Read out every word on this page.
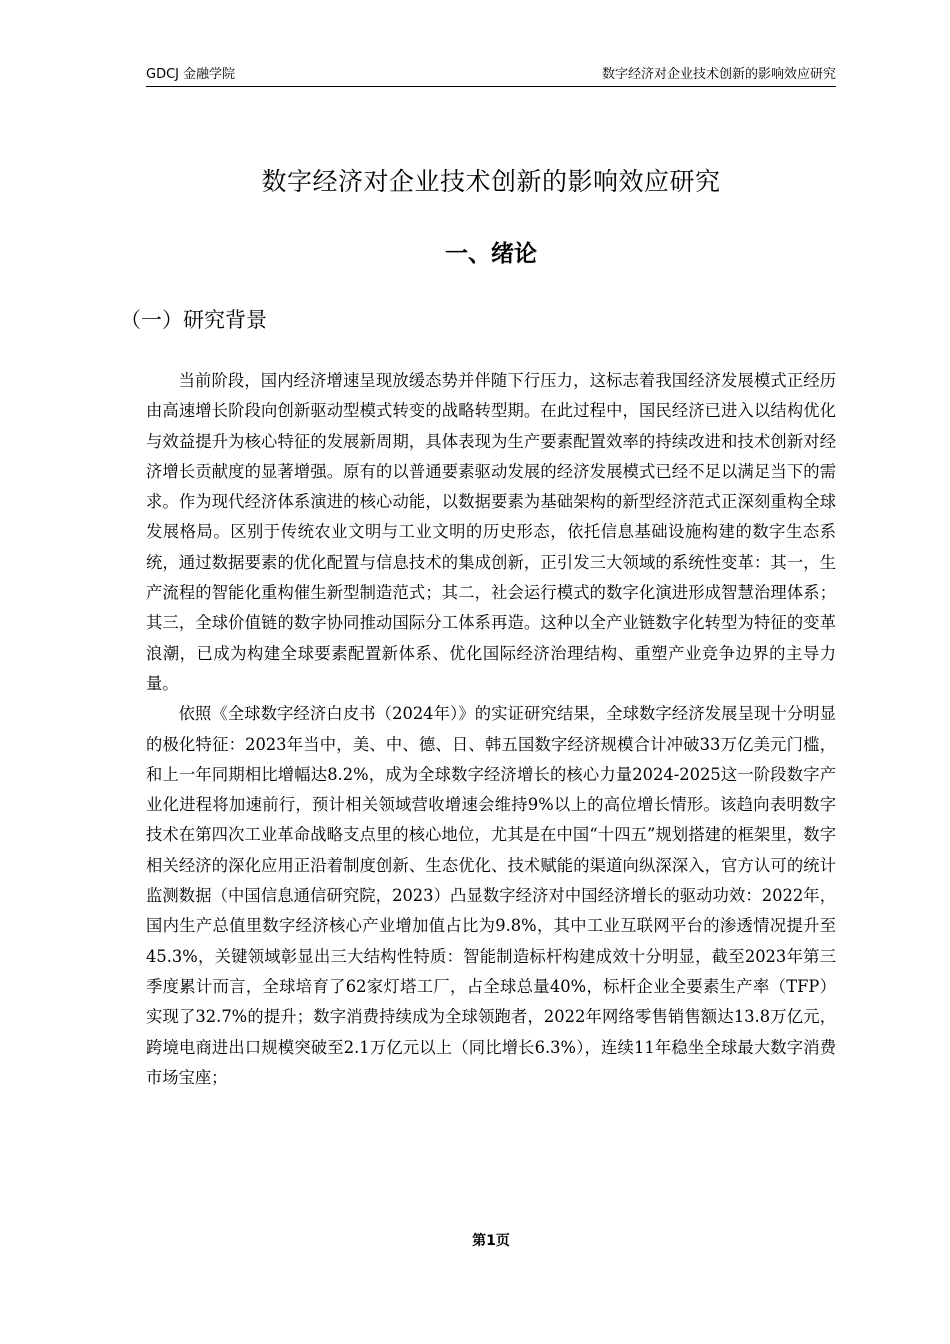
GDCJ 金融学院	数字经济对企业技术创新的影响效应研究
数字经济对企业技术创新的影响效应研究
一、绪论
（一）研究背景

当前阶段，国内经济增速呈现放缓态势并伴随下行压力，这标志着我国经济发展模式正经历由高速增长阶段向创新驱动型模式转变的战略转型期。在此过程中，国民经济已进入以结构优化与效益提升为核心特征的发展新周期，具体表现为生产要素配置效率的持续改进和技术创新对经济增长贡献度的显著增强。原有的以普通要素驱动发展的经济发展模式已经不足以满足当下的需求。作为现代经济体系演进的核心动能，以数据要素为基础架构的新型经济范式正深刻重构全球发展格局。区别于传统农业文明与工业文明的历史形态，依托信息基础设施构建的数字生态系统，通过数据要素的优化配置与信息技术的集成创新，正引发三大领域的系统性变革：其一，生产流程的智能化重构催生新型制造范式；其二，社会运行模式的数字化演进形成智慧治理体系；其三，全球价值链的数字协同推动国际分工体系再造。这种以全产业链数字化转型为特征的变革浪潮，已成为构建全球要素配置新体系、优化国际经济治理结构、重塑产业竞争边界的主导力量。

依照《全球数字经济白皮书（2024年）》的实证研究结果，全球数字经济发展呈现十分明显的极化特征：2023年当中，美、中、德、日、韩五国数字经济规模合计冲破33万亿美元门槛，和上一年同期相比增幅达8.2%，成为全球数字经济增长的核心力量2024-2025这一阶段数字产业化进程将加速前行，预计相关领域营收增速会维持9%以上的高位增长情形。该趋向表明数字技术在第四次工业革命战略支点里的核心地位，尤其是在中国“十四五”规划搭建的框架里，数字相关经济的深化应用正沿着制度创新、生态优化、技术赋能的渠道向纵深深入，官方认可的统计监测数据（中国信息通信研究院，2023）凸显数字经济对中国经济增长的驱动功效：2022年，国内生产总值里数字经济核心产业增加值占比为9.8%，其中工业互联网平台的渗透情况提升至45.3%，关键领域彰显出三大结构性特质：智能制造标杆构建成效十分明显，截至2023年第三季度累计而言，全球培育了62家灯塔工厂，占全球总量40%，标杆企业全要素生产率（TFP）实现了32.7%的提升；数字消费持续成为全球领跑者，2022年网络零售销售额达13.8万亿元，跨境电商进出口规模突破至2.1万亿元以上（同比增长6.3%），连续11年稳坐全球最大数字消费市场宝座；

第1页
